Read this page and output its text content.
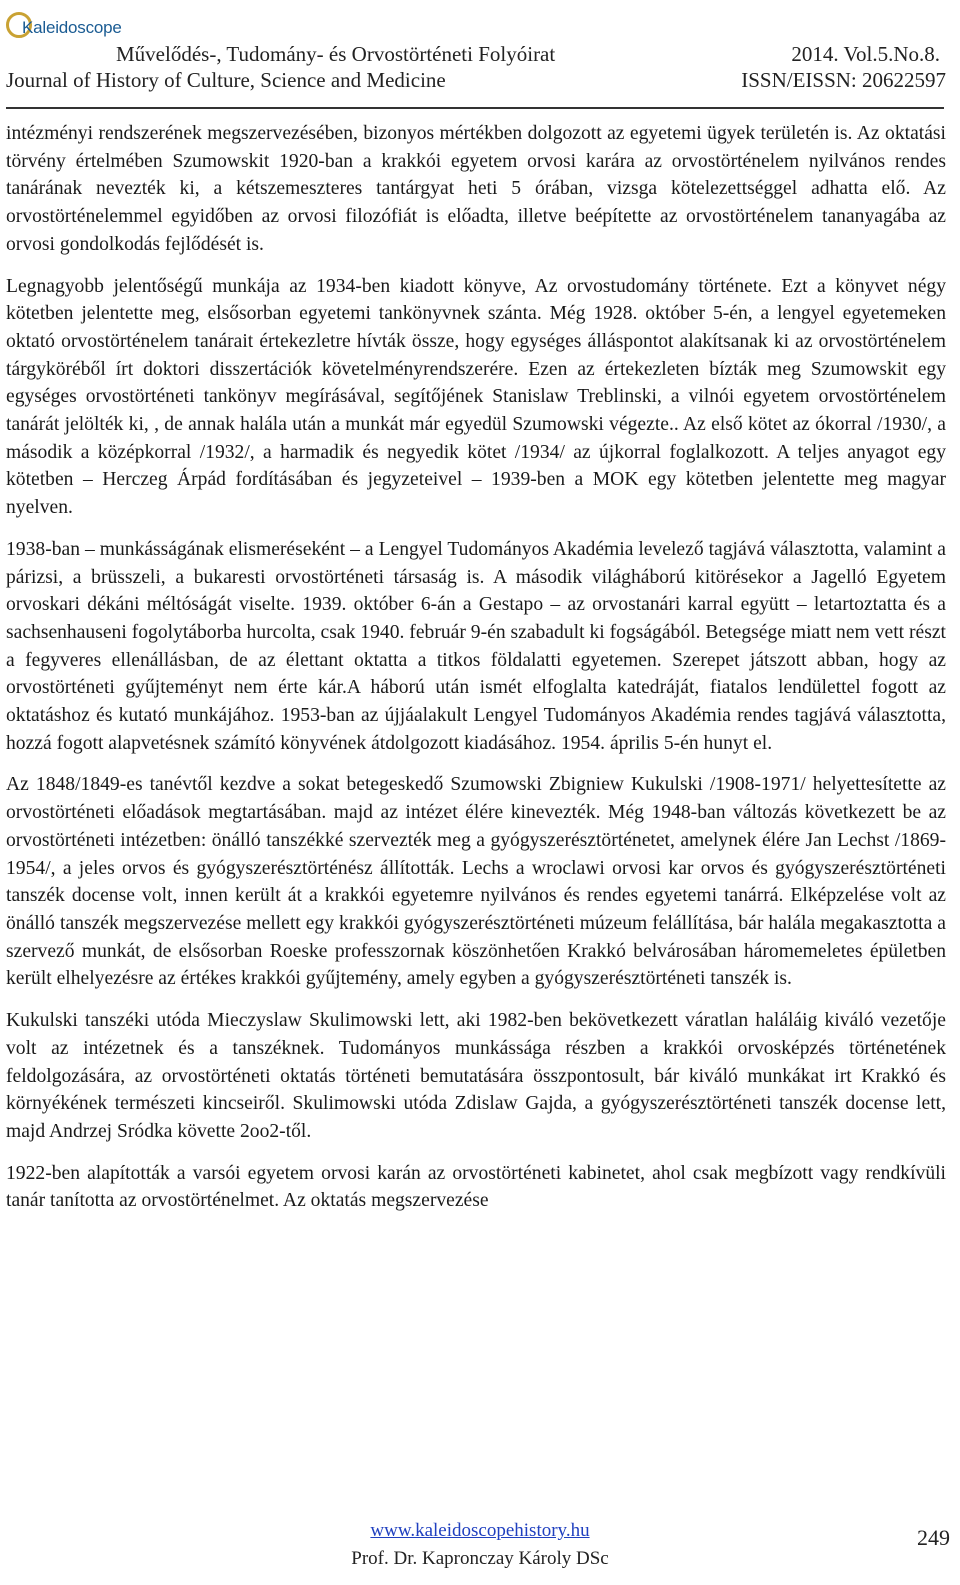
Kaleidoscope
Művelődés-, Tudomány- és Orvostörténeti Folyóirat
Journal of History of Culture, Science and Medicine
2014. Vol.5.No.8.
ISSN/EISSN: 20622597

intézményi rendszerének megszervezésében, bizonyos mértékben dolgozott az egyetemi ügyek területén is. Az oktatási törvény értelmében Szumowskit 1920-ban a krakkói egyetem orvosi karára az orvostörténelem nyilvános rendes tanárának nevezték ki, a kétszemeszteres tantárgyat heti 5 órában, vizsga kötelezettséggel adhatta elő. Az orvostörténelemmel egyidőben az orvosi filozófiát is előadta, illetve beépítette az orvostörténelem tananyagába az orvosi gondolkodás fejlődését is.

Legnagyobb jelentőségű munkája az 1934-ben kiadott könyve, Az orvostudomány története. Ezt a könyvet négy kötetben jelentette meg, elsősorban egyetemi tankönyvnek szánta. Még 1928. október 5-én, a lengyel egyetemeken oktató orvostörténelem tanárait értekezletre hívták össze, hogy egységes álláspontot alakítsanak ki az orvostörténelem tárgyköréből írt doktori disszertációk követelményrendszerére. Ezen az értekezleten bízták meg Szumowskit egy egységes orvostörténeti tankönyv megírásával, segítőjének Stanislaw Treblinski, a vilnói egyetem orvostörténelem tanárát jelölték ki, , de annak halála után a munkát már egyedül Szumowski végezte.. Az első kötet az ókorral /1930/, a második a középkorral /1932/, a harmadik és negyedik kötet /1934/ az újkorral foglalkozott. A teljes anyagot egy kötetben – Herczeg Árpád fordításában és jegyzeteivel – 1939-ben a MOK egy kötetben jelentette meg magyar nyelven.

1938-ban – munkásságának elismeréseként – a Lengyel Tudományos Akadémia levelező tagjává választotta, valamint a párizsi, a brüsszeli, a bukaresti orvostörténeti társaság is. A második világháború kitörésekor a Jagelló Egyetem orvoskari dékáni méltóságát viselte. 1939. október 6-án a Gestapo – az orvostanári karral együtt – letartoztatta és a sachsenhauseni fogolytáborba hurcolta, csak 1940. február 9-én szabadult ki fogságából. Betegsége miatt nem vett részt a fegyveres ellenállásban, de az élettant oktatta a titkos földalatti egyetemen. Szerepet játszott abban, hogy az orvostörténeti gyűjteményt nem érte kár.A háború után ismét elfoglalta katedráját, fiatalos lendülettel fogott az oktatáshoz és kutató munkájához. 1953-ban az újjáalakult Lengyel Tudományos Akadémia rendes tagjává választotta, hozzá fogott alapvetésnek számító könyvének átdolgozott kiadásához. 1954. április 5-én hunyt el.

Az 1848/1849-es tanévtől kezdve a sokat betegeskedő Szumowski Zbigniew Kukulski /1908-1971/ helyettesítette az orvostörténeti előadások megtartásában. majd az intézet élére kinevezték. Még 1948-ban változás következett be az orvostörténeti intézetben: önálló tanszékké szervezték meg a gyógyszerésztörténetet, amelynek élére Jan Lechst /1869-1954/, a jeles orvos és gyógyszerésztörténész állították. Lechs a wroclawi orvosi kar orvos és gyógyszerésztörténeti tanszék docense volt, innen került át a krakkói egyetemre nyilvános és rendes egyetemi tanárrá. Elképzelése volt az önálló tanszék megszervezése mellett egy krakkói gyógyszerésztörténeti múzeum felállítása, bár halála megakasztotta a szervező munkát, de elsősorban Roeske professzornak köszönhetően Krakkó belvárosában háromemeletes épületben került elhelyezésre az értékes krakkói gyűjtemény, amely egyben a gyógyszerésztörténeti tanszék is.

Kukulski tanszéki utóda Mieczyslaw Skulimowski lett, aki 1982-ben bekövetkezett váratlan haláláig kiváló vezetője volt az intézetnek és a tanszéknek. Tudományos munkássága részben a krakkói orvosképzés történetének feldolgozására, az orvostörténeti oktatás történeti bemutatására összpontosult, bár kiváló munkákat irt Krakkó és környékének természeti kincseiről. Skulimowski utóda Zdislaw Gajda, a gyógyszerésztörténeti tanszék docense lett, majd Andrzej Sródka követte 2oo2-től.

1922-ben alapították a varsói egyetem orvosi karán az orvostörténeti kabinetet, ahol csak megbízott vagy rendkívüli tanár tanította az orvostörténelmet. Az oktatás megszervezése

www.kaleidoscopehistory.hu
Prof. Dr. Kapronczay Károly DSc
249
